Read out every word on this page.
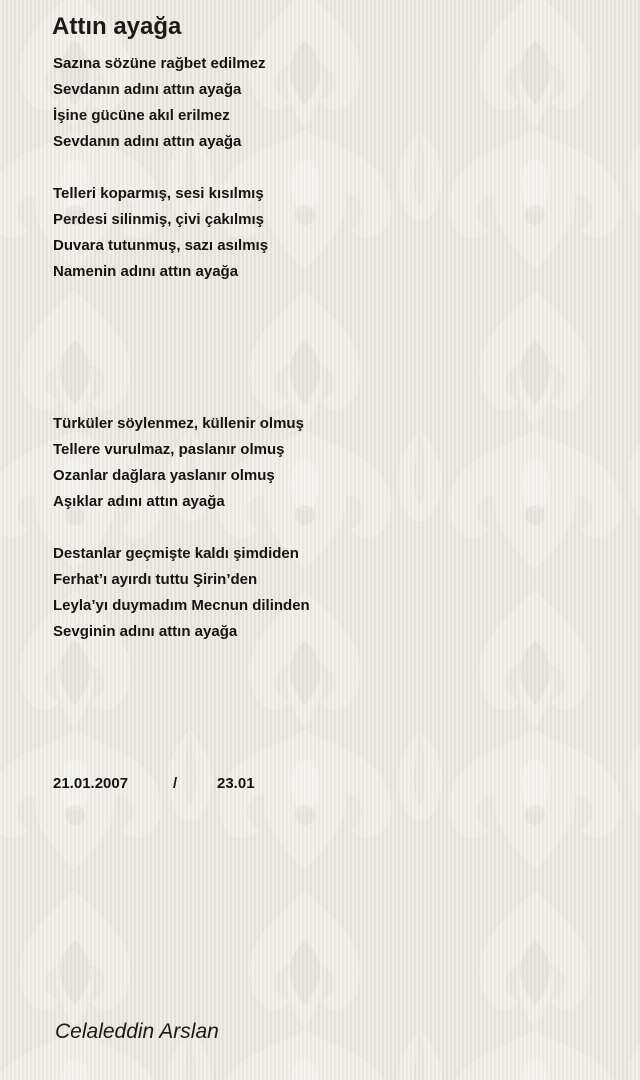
Attın ayağa
Sazına sözüne rağbet edilmez
Sevdanın adını attın ayağa
İşine gücüne akıl erilmez
Sevdanın adını attın ayağa
Telleri koparmış, sesi kısılmış
Perdesi silinmiş, çivi çakılmış
Duvara tutunmuş, sazı asılmış
Namenin adını attın ayağa
Türküler söylenmez, küllenir olmuş
Tellere vurulmaz, paslanır olmuş
Ozanlar dağlara yaslanır olmuş
Aşıklar adını attın ayağa
Destanlar geçmişte kaldı şimdiden
Ferhat’ı ayırdı tuttu Şirin’den
Leyla’yı duymadım Mecnun dilinden
Sevginin adını attın ayağa
21.01.2007	/	23.01
Celaleddin Arslan
